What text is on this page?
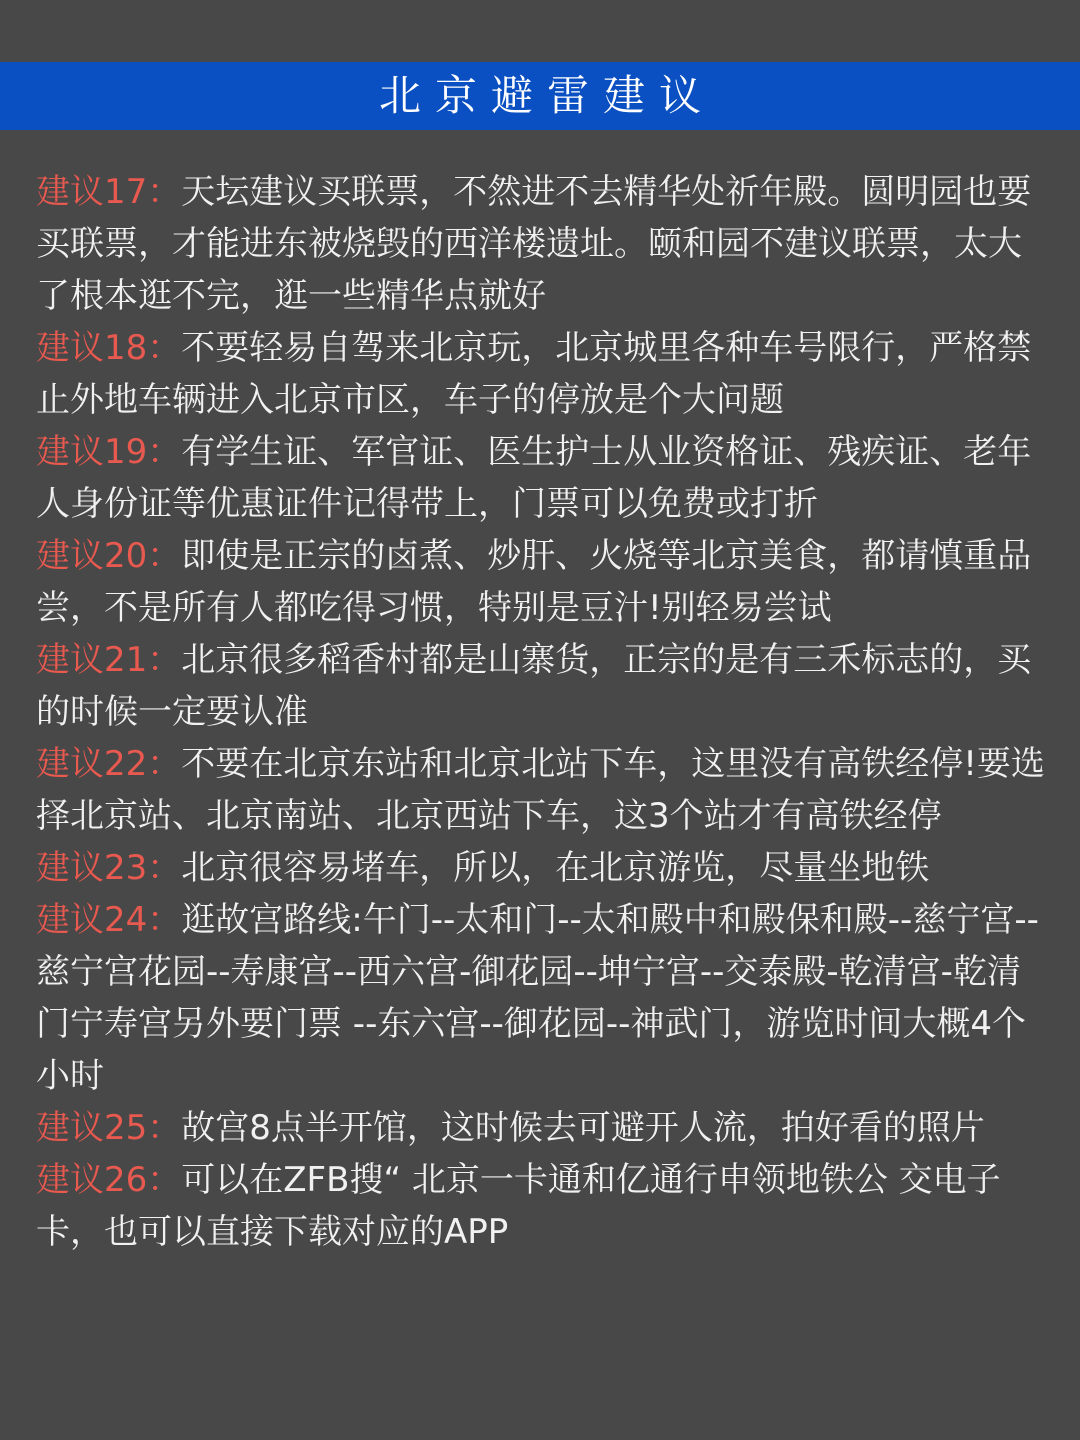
北京避雷建议

建议17：天坛建议买联票，不然进不去精华处祈年殿。圆明园也要买联票，才能进东被烧毁的西洋楼遗址。颐和园不建议联票，太大了根本逛不完，逛一些精华点就好

建议18：不要轻易自驾来北京玩，北京城里各种车号限行，严格禁止外地车辆进入北京市区，车子的停放是个大问题

建议19：有学生证、军官证、医生护士从业资格证、残疾证、老年人身份证等优惠证件记得带上，门票可以免费或打折

建议20：即使是正宗的卤煮、炒肝、火烧等北京美食，都请慎重品尝，不是所有人都吃得习惯，特别是豆汁!别轻易尝试

建议21：北京很多稻香村都是山寨货，正宗的是有三禾标志的，买的时候一定要认准

建议22：不要在北京东站和北京北站下车，这里没有高铁经停!要选择北京站、北京南站、北京西站下车，这3个站才有高铁经停

建议23：北京很容易堵车，所以，在北京游览，尽量坐地铁

建议24：逛故宫路线:午门--太和门--太和殿中和殿保和殿--慈宁宫--慈宁宫花园--寿康宫--西六宫-御花园--坤宁宫--交泰殿-乾清宫-乾清门宁寿宫另外要门票 --东六宫--御花园--神武门，游览时间大概4个小时

建议25：故宫8点半开馆，这时候去可避开人流，拍好看的照片

建议26：可以在ZFB搜“ 北京一卡通和亿通行申领地铁公 交电子卡，也可以直接下载对应的APP
